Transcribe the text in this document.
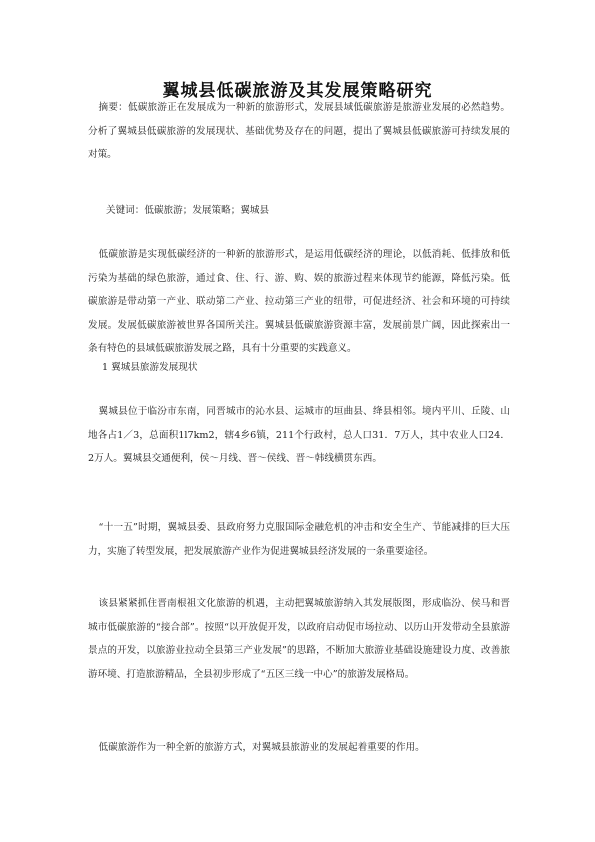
翼城县低碳旅游及其发展策略研究

摘要：低碳旅游正在发展成为一种新的旅游形式，发展县域低碳旅游是旅游业发展的必然趋势。分析了翼城县低碳旅游的发展现状、基础优势及存在的问题，提出了翼城县低碳旅游可持续发展的对策。

关键词：低碳旅游；发展策略；翼城县

低碳旅游是实现低碳经济的一种新的旅游形式，是运用低碳经济的理论，以低消耗、低排放和低污染为基础的绿色旅游，通过食、住、行、游、购、娱的旅游过程来体现节约能源，降低污染。低碳旅游是带动第一产业、联动第二产业、拉动第三产业的纽带，可促进经济、社会和环境的可持续发展。发展低碳旅游被世界各国所关注。翼城县低碳旅游资源丰富，发展前景广阔，因此探索出一条有特色的县域低碳旅游发展之路，具有十分重要的实践意义。

1 翼城县旅游发展现状

翼城县位于临汾市东南，同晋城市的沁水县、运城市的垣曲县、绛县相邻。境内平川、丘陵、山地各占1／3，总面积1l7km2，辖4乡6镇，211个行政村，总人口31．7万人，其中农业人口24．2万人。翼城县交通便利，侯～月线、晋～侯线、晋～韩线横贯东西。

“十一五”时期，翼城县委、县政府努力克服国际金融危机的冲击和安全生产、节能减排的巨大压力，实施了转型发展，把发展旅游产业作为促进翼城县经济发展的一条重要途径。

该县紧紧抓住晋南根祖文化旅游的机遇，主动把翼城旅游纳入其发展版图，形成临汾、侯马和晋城市低碳旅游的“接合部”。按照“以开放促开发，以政府启动促市场拉动、以历山开发带动全县旅游景点的开发，以旅游业拉动全县第三产业发展”的思路，不断加大旅游业基础设施建设力度、改善旅游环境、打造旅游精品，全县初步形成了“五区三线一中心”的旅游发展格局。

低碳旅游作为一种全新的旅游方式，对翼城县旅游业的发展起着重要的作用。
